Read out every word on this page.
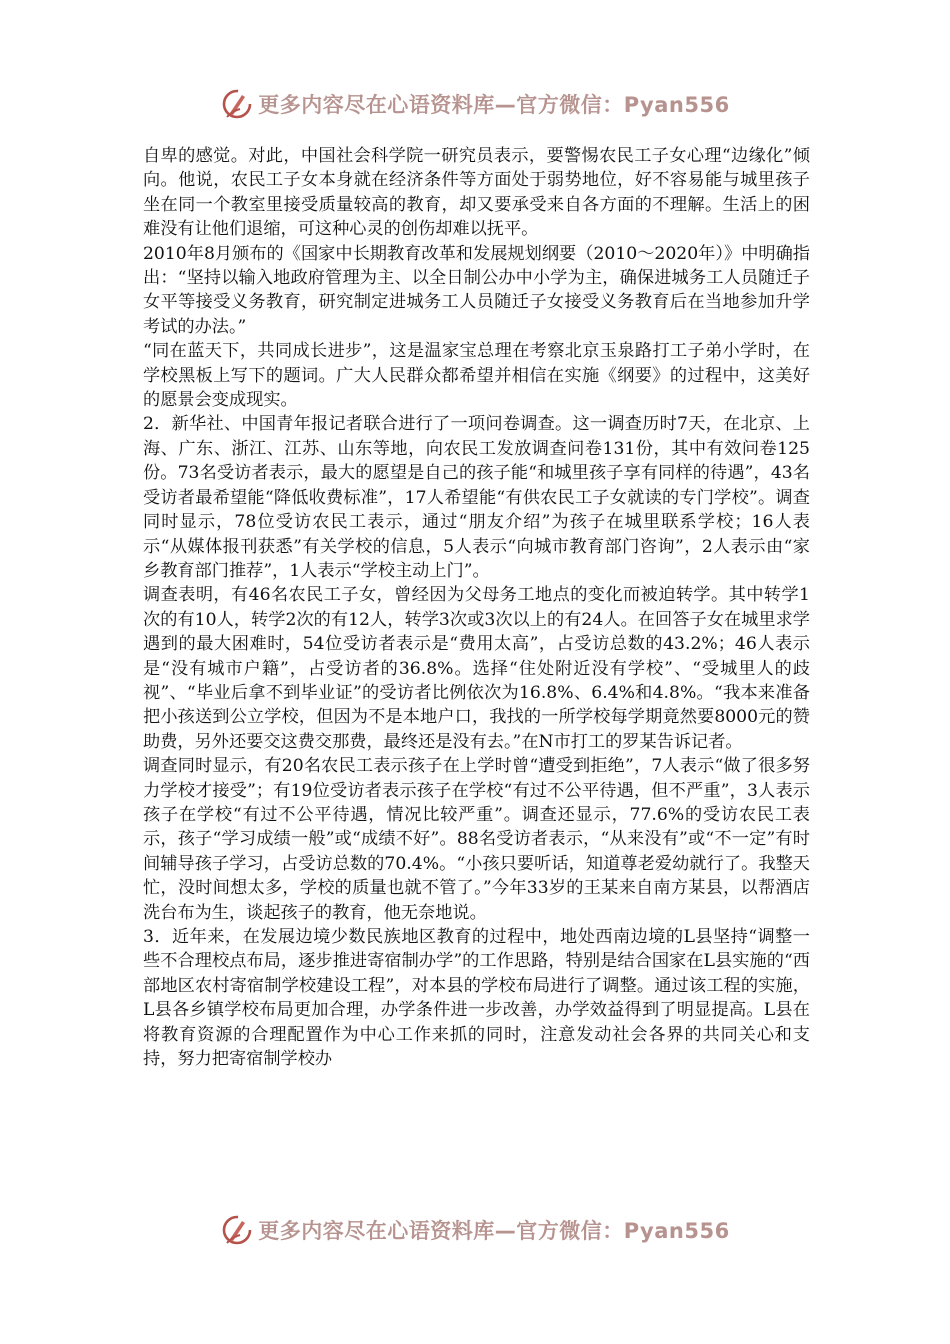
更多内容尽在心语资料库—官方微信：Pyan556

自卑的感觉。对此，中国社会科学院一研究员表示，要警惕农民工子女心理“边缘化”倾向。他说，农民工子女本身就在经济条件等方面处于弱势地位，好不容易能与城里孩子坐在同一个教室里接受质量较高的教育，却又要承受来自各方面的不理解。生活上的困难没有让他们退缩，可这种心灵的创伤却难以抚平。

2010年8月颁布的《国家中长期教育改革和发展规划纲要（2010～2020年）》中明确指出：“坚持以输入地政府管理为主、以全日制公办中小学为主，确保进城务工人员随迁子女平等接受义务教育，研究制定进城务工人员随迁子女接受义务教育后在当地参加升学考试的办法。”

“同在蓝天下，共同成长进步”，这是温家宝总理在考察北京玉泉路打工子弟小学时，在学校黑板上写下的题词。广大人民群众都希望并相信在实施《纲要》的过程中，这美好的愿景会变成现实。

2．新华社、中国青年报记者联合进行了一项问卷调查。这一调查历时7天，在北京、上海、广东、浙江、江苏、山东等地，向农民工发放调查问卷131份，其中有效问卷125份。73名受访者表示，最大的愿望是自己的孩子能“和城里孩子享有同样的待遇”，43名受访者最希望能“降低收费标准”，17人希望能“有供农民工子女就读的专门学校”。调查同时显示，78位受访农民工表示，通过“朋友介绍”为孩子在城里联系学校；16人表示“从媒体报刊获悉”有关学校的信息，5人表示“向城市教育部门咨询”，2人表示由“家乡教育部门推荐”，1人表示“学校主动上门”。

调查表明，有46名农民工子女，曾经因为父母务工地点的变化而被迫转学。其中转学1次的有10人，转学2次的有12人，转学3次或3次以上的有24人。在回答子女在城里求学遇到的最大困难时，54位受访者表示是“费用太高”，占受访总数的43.2%；46人表示是“没有城市户籍”，占受访者的36.8%。选择“住处附近没有学校”、“受城里人的歧视”、“毕业后拿不到毕业证”的受访者比例依次为16.8%、6.4%和4.8%。“我本来准备把小孩送到公立学校，但因为不是本地户口，我找的一所学校每学期竟然要8000元的赞助费，另外还要交这费交那费，最终还是没有去。”在N市打工的罗某告诉记者。

调查同时显示，有20名农民工表示孩子在上学时曾“遭受到拒绝”，7人表示“做了很多努力学校才接受”；有19位受访者表示孩子在学校“有过不公平待遇，但不严重”，3人表示孩子在学校“有过不公平待遇，情况比较严重”。调查还显示，77.6%的受访农民工表示，孩子“学习成绩一般”或“成绩不好”。88名受访者表示，“从来没有”或“不一定”有时间辅导孩子学习，占受访总数的70.4%。“小孩只要听话，知道尊老爱幼就行了。我整天忙，没时间想太多，学校的质量也就不管了。”今年33岁的王某来自南方某县，以帮酒店洗台布为生，谈起孩子的教育，他无奈地说。

3．近年来，在发展边境少数民族地区教育的过程中，地处西南边境的L县坚持“调整一些不合理校点布局，逐步推进寄宿制办学”的工作思路，特别是结合国家在L县实施的“西部地区农村寄宿制学校建设工程”，对本县的学校布局进行了调整。通过该工程的实施，L县各乡镇学校布局更加合理，办学条件进一步改善，办学效益得到了明显提高。L县在将教育资源的合理配置作为中心工作来抓的同时，注意发动社会各界的共同关心和支持，努力把寄宿制学校办

更多内容尽在心语资料库—官方微信：Pyan556
